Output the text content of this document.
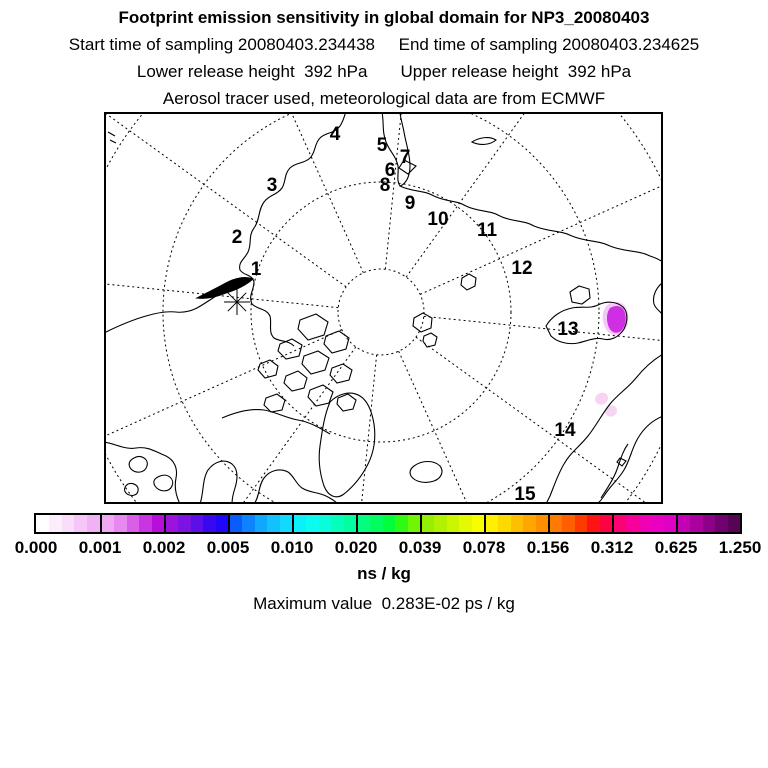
Footprint emission sensitivity in global domain for NP3_20080403
Start time of sampling 20080403.234438     End time of sampling 20080403.234625
Lower release height  392 hPa       Upper release height  392 hPa
Aerosol tracer used, meteorological data are from ECMWF
1
2
3
4
5
6
7
8
9
10
11
12
13
14
15
0.000 0.001 0.002 0.005 0.010 0.020 0.039 0.078 0.156 0.312 0.625 1.250
ns / kg
Maximum value  0.283E-02 ps / kg
